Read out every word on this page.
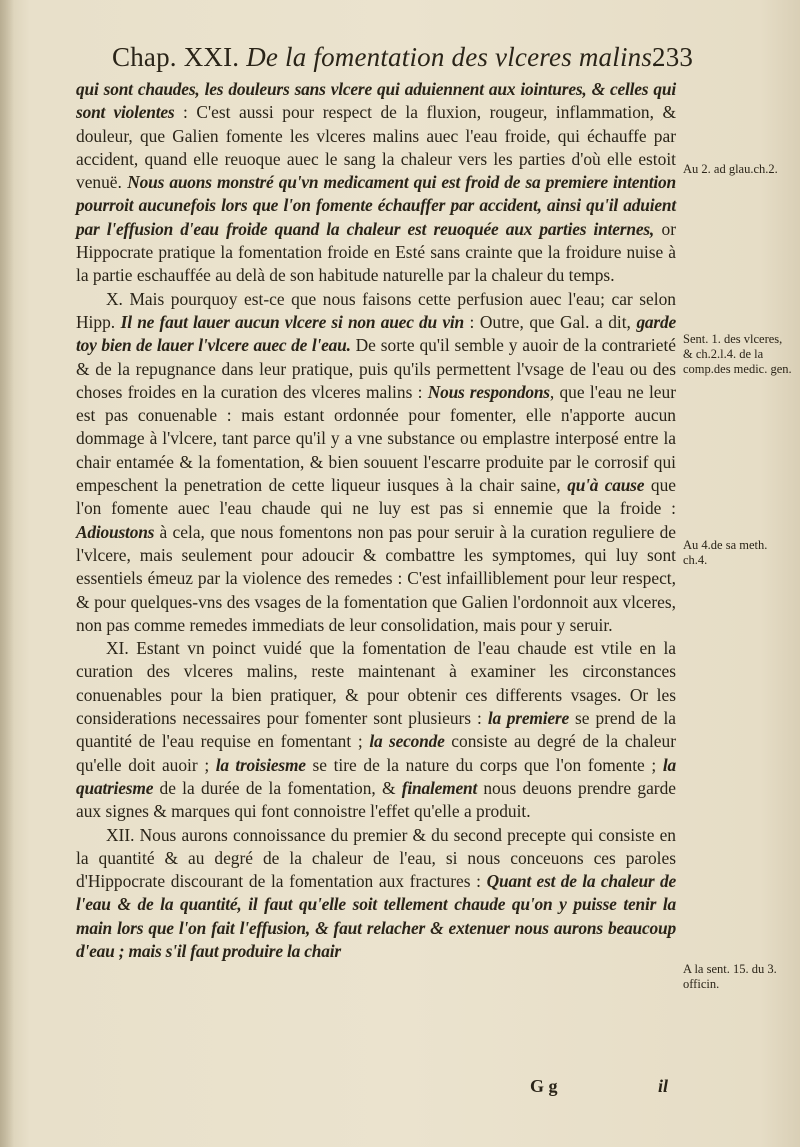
Chap. XXI. De la fomentation des vlceres malins.
233

qui sont chaudes, les douleurs sans vlcere qui aduiennent aux iointures, & celles qui sont violentes : C'est aussi pour respect de la fluxion, rougeur, inflammation, & douleur, que Galien fomente les vlceres malins auec l'eau froide, qui échauffe par accident, quand elle reuoque auec le sang la chaleur vers les parties d'où elle estoit venuë. Nous auons monstré qu'vn medicament qui est froid de sa premiere intention pourroit aucunefois lors que l'on fomente échauffer par accident, ainsi qu'il aduient par l'effusion d'eau froide quand la chaleur est reuoquée aux parties internes, or Hippocrate pratique la fomentation froide en Esté sans crainte que la froidure nuise à la partie eschauffée au delà de son habitude naturelle par la chaleur du temps.

X. Mais pourquoy est-ce que nous faisons cette perfusion auec l'eau; car selon Hipp. Il ne faut lauer aucun vlcere si non auec du vin : Outre, que Gal. a dit, garde toy bien de lauer l'vlcere auec de l'eau. De sorte qu'il semble y auoir de la contrarieté & de la repugnance dans leur pratique, puis qu'ils permettent l'vsage de l'eau ou des choses froides en la curation des vlceres malins : Nous respondons, que l'eau ne leur est pas conuenable : mais estant ordonnée pour fomenter, elle n'apporte aucun dommage à l'vlcere, tant parce qu'il y a vne substance ou emplastre interposé entre la chair entamée & la fomentation, & bien souuent l'escarre produite par le corrosif qui empeschent la penetration de cette liqueur iusques à la chair saine, qu'à cause que l'on fomente auec l'eau chaude qui ne luy est pas si ennemie que la froide : Adioustons à cela, que nous fomentons non pas pour seruir à la curation reguliere de l'vlcere, mais seulement pour adoucir & combattre les symptomes, qui luy sont essentiels émeuz par la violence des remedes : C'est infailliblement pour leur respect, & pour quelques-vns des vsages de la fomentation que Galien l'ordonnoit aux vlceres, non pas comme remedes immediats de leur consolidation, mais pour y seruir.

XI. Estant vn poinct vuidé que la fomentation de l'eau chaude est vtile en la curation des vlceres malins, reste maintenant à examiner les circonstances conuenables pour la bien pratiquer, & pour obtenir ces differents vsages. Or les considerations necessaires pour fomenter sont plusieurs : la premiere se prend de la quantité de l'eau requise en fomentant ; la seconde consiste au degré de la chaleur qu'elle doit auoir ; la troisiesme se tire de la nature du corps que l'on fomente ; la quatriesme de la durée de la fomentation, & finalement nous deuons prendre garde aux signes & marques qui font connoistre l'effet qu'elle a produit.

XII. Nous aurons connoissance du premier & du second precepte qui consiste en la quantité & au degré de la chaleur de l'eau, si nous conceuons ces paroles d'Hippocrate discourant de la fomentation aux fractures : Quant est de la chaleur de l'eau & de la quantité, il faut qu'elle soit tellement chaude qu'on y puisse tenir la main lors que l'on fait l'effusion, & faut relacher & extenuer nous aurons beaucoup d'eau ; mais s'il faut produire la chair

Au 2. ad glau.ch.2.
Sent. 1. des vlceres, & ch.2.l.4. de la comp.des medic. gen.
Au 4.de sa meth. ch.4.
A la sent. 15. du 3. officin.
G g	il
